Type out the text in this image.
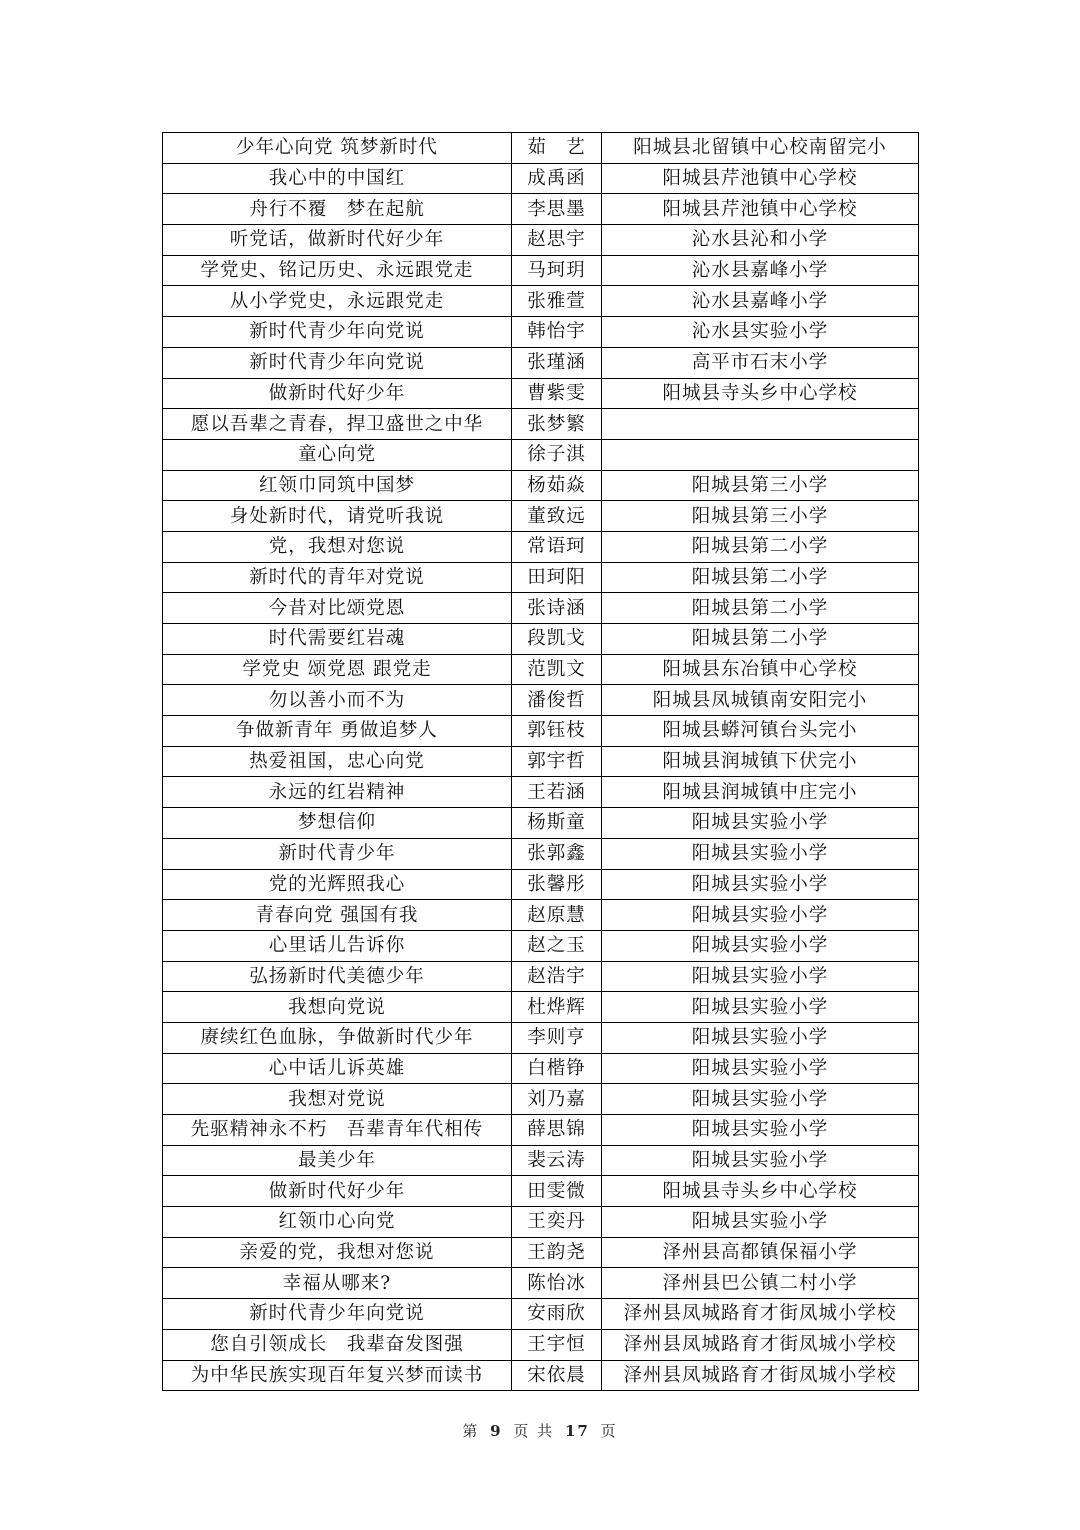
少年心向党 筑梦新时代	茹　艺	阳城县北留镇中心校南留完小
我心中的中国红	成禹函	阳城县芹池镇中心学校
舟行不覆　梦在起航	李思墨	阳城县芹池镇中心学校
听党话，做新时代好少年	赵思宇	沁水县沁和小学
学党史、铭记历史、永远跟党走	马珂玥	沁水县嘉峰小学
从小学党史，永远跟党走	张雅萱	沁水县嘉峰小学
新时代青少年向党说	韩怡宇	沁水县实验小学
新时代青少年向党说	张瑾涵	高平市石末小学
做新时代好少年	曹紫雯	阳城县寺头乡中心学校
愿以吾辈之青春，捍卫盛世之中华	张梦繁	
童心向党	徐子淇	
红领巾同筑中国梦	杨茹焱	阳城县第三小学
身处新时代，请党听我说	董致远	阳城县第三小学
党，我想对您说	常语珂	阳城县第二小学
新时代的青年对党说	田珂阳	阳城县第二小学
今昔对比颂党恩	张诗涵	阳城县第二小学
时代需要红岩魂	段凯戈	阳城县第二小学
学党史 颂党恩 跟党走	范凯文	阳城县东冶镇中心学校
勿以善小而不为	潘俊哲	阳城县凤城镇南安阳完小
争做新青年 勇做追梦人	郭钰枝	阳城县蟒河镇台头完小
热爱祖国，忠心向党	郭宇哲	阳城县润城镇下伏完小
永远的红岩精神	王若涵	阳城县润城镇中庄完小
梦想信仰	杨斯童	阳城县实验小学
新时代青少年	张郭鑫	阳城县实验小学
党的光辉照我心	张馨彤	阳城县实验小学
青春向党 强国有我	赵原慧	阳城县实验小学
心里话儿告诉你	赵之玉	阳城县实验小学
弘扬新时代美德少年	赵浩宇	阳城县实验小学
我想向党说	杜烨辉	阳城县实验小学
赓续红色血脉，争做新时代少年	李则亨	阳城县实验小学
心中话儿诉英雄	白楷铮	阳城县实验小学
我想对党说	刘乃嘉	阳城县实验小学
先驱精神永不朽　吾辈青年代相传	薛思锦	阳城县实验小学
最美少年	裴云涛	阳城县实验小学
做新时代好少年	田雯微	阳城县寺头乡中心学校
红领巾心向党	王奕丹	阳城县实验小学
亲爱的党，我想对您说	王韵尧	泽州县高都镇保福小学
幸福从哪来?	陈怡冰	泽州县巴公镇二村小学
新时代青少年向党说	安雨欣	泽州县凤城路育才街凤城小学校
您自引领成长　我辈奋发图强	王宇恒	泽州县凤城路育才街凤城小学校
为中华民族实现百年复兴梦而读书	宋依晨	泽州县凤城路育才街凤城小学校
第 9 页 共 17 页
